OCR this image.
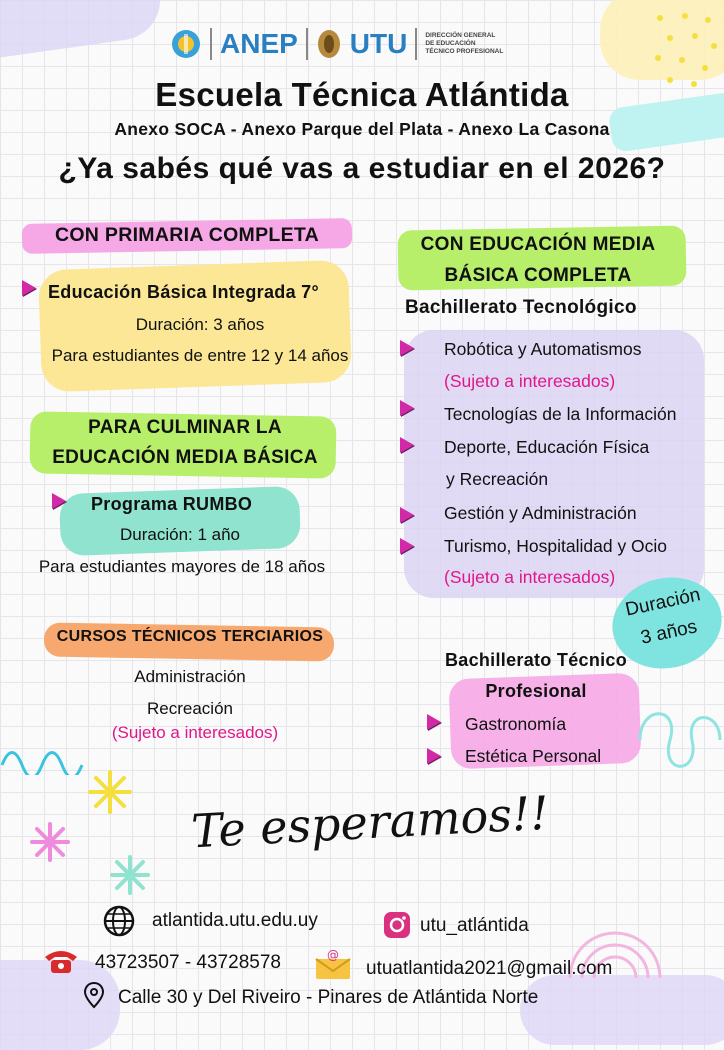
ANEP UTU	DIRECCIÓN GENERAL
DE EDUCACIÓN
TÉCNICO PROFESIONAL
Escuela Técnica Atlántida
Anexo SOCA - Anexo Parque del Plata - Anexo La Casona
¿Ya sabés qué vas a estudiar en el 2026?
CON PRIMARIA COMPLETA
Educación Básica Integrada 7°
Duración: 3 años
Para estudiantes de entre 12 y 14 años
PARA CULMINAR LA
EDUCACIÓN MEDIA BÁSICA
Programa RUMBO
Duración: 1 año
Para estudiantes mayores de 18 años
CURSOS TÉCNICOS TERCIARIOS
Administración
Recreación
(Sujeto a interesados)
CON EDUCACIÓN MEDIA
BÁSICA COMPLETA
Bachillerato Tecnológico
Robótica y Automatismos
(Sujeto a interesados)
Tecnologías de la Información
Deporte, Educación Física
y Recreación
Gestión y Administración
Turismo, Hospitalidad y Ocio
(Sujeto a interesados)
Duración
3 años
Bachillerato Técnico
Profesional
Gastronomía
Estética Personal
Te esperamos!!
atlantida.utu.edu.uy	utu_atlántida
43723507 - 43728578	@
utuatlantida2021@gmail.com
Calle 30 y Del Riveiro - Pinares de Atlántida Norte
